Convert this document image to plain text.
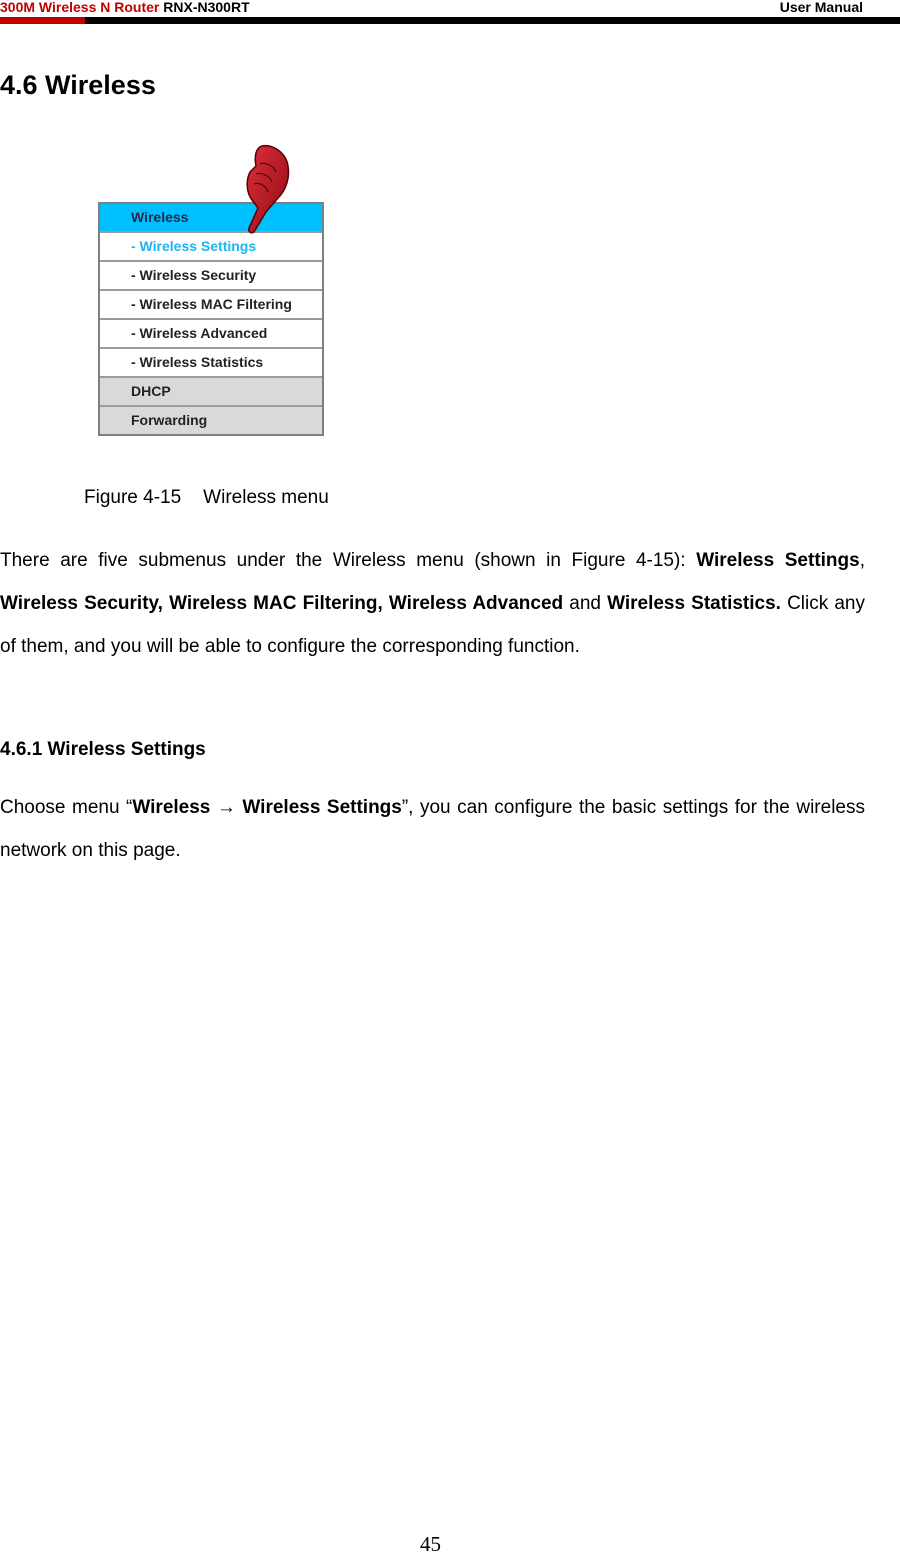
300M Wireless N Router RNX-N300RT	User Manual
4.6 Wireless
Wireless
- Wireless Settings
- Wireless Security
- Wireless MAC Filtering
- Wireless Advanced
- Wireless Statistics
DHCP
Forwarding
Figure 4-15 Wireless menu

There are five submenus under the Wireless menu (shown in Figure 4-15): Wireless Settings, Wireless Security, Wireless MAC Filtering, Wireless Advanced and Wireless Statistics. Click any of them, and you will be able to configure the corresponding function.

4.6.1 Wireless Settings

Choose menu “Wireless → Wireless Settings”, you can configure the basic settings for the wireless network on this page.

45
